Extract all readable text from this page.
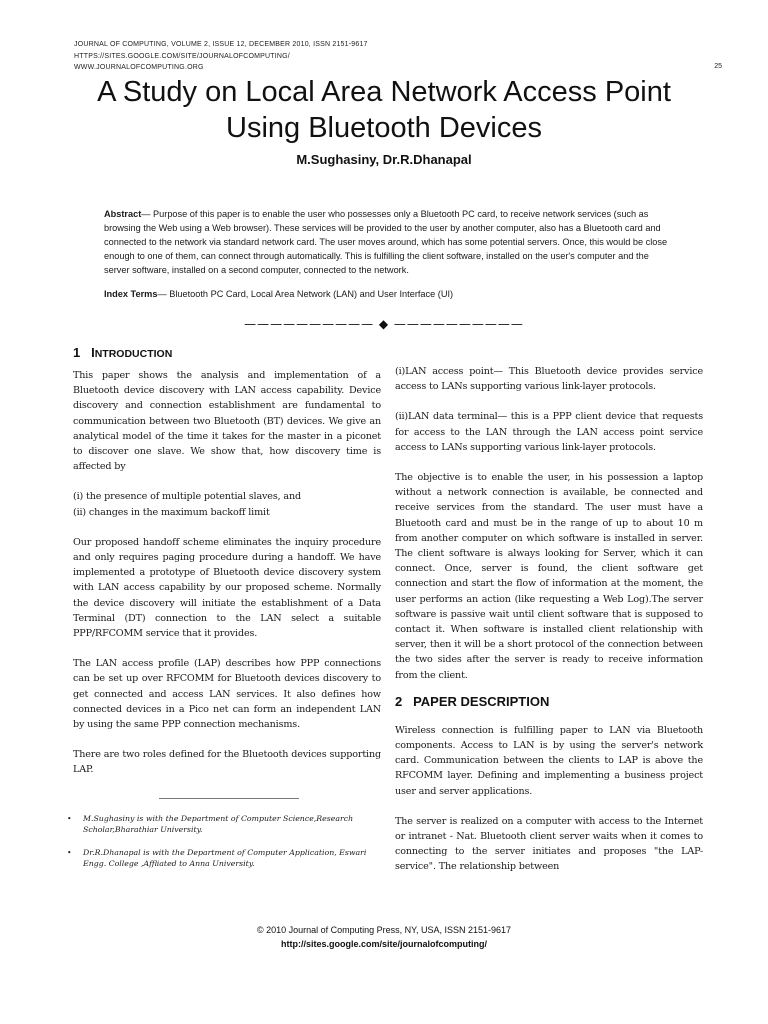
JOURNAL OF COMPUTING, VOLUME 2, ISSUE 12, DECEMBER 2010, ISSN 2151-9617
HTTPS://SITES.GOOGLE.COM/SITE/JOURNALOFCOMPUTING/
WWW.JOURNALOFCOMPUTING.ORG	25
A Study on Local Area Network Access Point
Using Bluetooth Devices
M.Sughasiny, Dr.R.Dhanapal
Abstract— Purpose of this paper is to enable the user who possesses only a Bluetooth PC card, to receive network services (such as browsing the Web using a Web browser). These services will be provided to the user by another computer, also has a Bluetooth card and connected to the network via standard network card. The user moves around, which has some potential servers. Once, this would be close enough to one of them, can connect through automatically. This is fulfilling the client software, installed on the user's computer and the server software, installed on a second computer, connected to the network.
Index Terms— Bluetooth PC Card, Local Area Network (LAN) and User Interface (UI)
—————————— ◆ ——————————
1 INTRODUCTION

This paper shows the analysis and implementation of a Bluetooth device discovery with LAN access capability. Device discovery and connection establishment are fundamental to communication between two Bluetooth (BT) devices. We give an analytical model of the time it takes for the master in a piconet to discover one slave. We show that, how discovery time is affected by

(i) the presence of multiple potential slaves, and

(ii) changes in the maximum backoff limit

Our proposed handoff scheme eliminates the inquiry procedure and only requires paging procedure during a handoff. We have implemented a prototype of Bluetooth device discovery system with LAN access capability by our proposed scheme. Normally the device discovery will initiate the establishment of a Data Terminal (DT) connection to the LAN select a suitable PPP/RFCOMM service that it provides.

The LAN access profile (LAP) describes how PPP connections can be set up over RFCOMM for Bluetooth devices discovery to get connected and access LAN services. It also defines how connected devices in a Pico net can form an independent LAN by using the same PPP connection mechanisms.

There are two roles defined for the Bluetooth devices supporting LAP.

• M.Sughasiny is with the Department of Computer Science,Research Scholar,Bharathiar University.
• Dr.R.Dhanapal is with the Department of Computer Application, Eswari Engg. College ,Affliated to Anna University.

(i)LAN access point— This Bluetooth device provides service access to LANs supporting various link-layer protocols.

(ii)LAN data terminal— this is a PPP client device that requests for access to the LAN through the LAN access point service access to LANs supporting various link-layer protocols.

The objective is to enable the user, in his possession a laptop without a network connection is available, be connected and receive services from the standard. The user must have a Bluetooth card and must be in the range of up to about 10 m from another computer on which software is installed in server. The client software is always looking for Server, which it can connect. Once, server is found, the client software get connection and start the flow of information at the moment, the user performs an action (like requesting a Web Log).The server software is passive wait until client software that is supposed to contact it. When software is installed client relationship with server, then it will be a short protocol of the connection between the two sides after the server is ready to receive information from the client.

2 PAPER DESCRIPTION

Wireless connection is fulfilling paper to LAN via Bluetooth components. Access to LAN is by using the server's network card. Communication between the clients to LAP is above the RFCOMM layer. Defining and implementing a business project user and server applications.

The server is realized on a computer with access to the Internet or intranet - Nat. Bluetooth client server waits when it comes to connecting to the server initiates and proposes "the LAP-service". The relationship between

© 2010 Journal of Computing Press, NY, USA, ISSN 2151-9617
http://sites.google.com/site/journalofcomputing/
